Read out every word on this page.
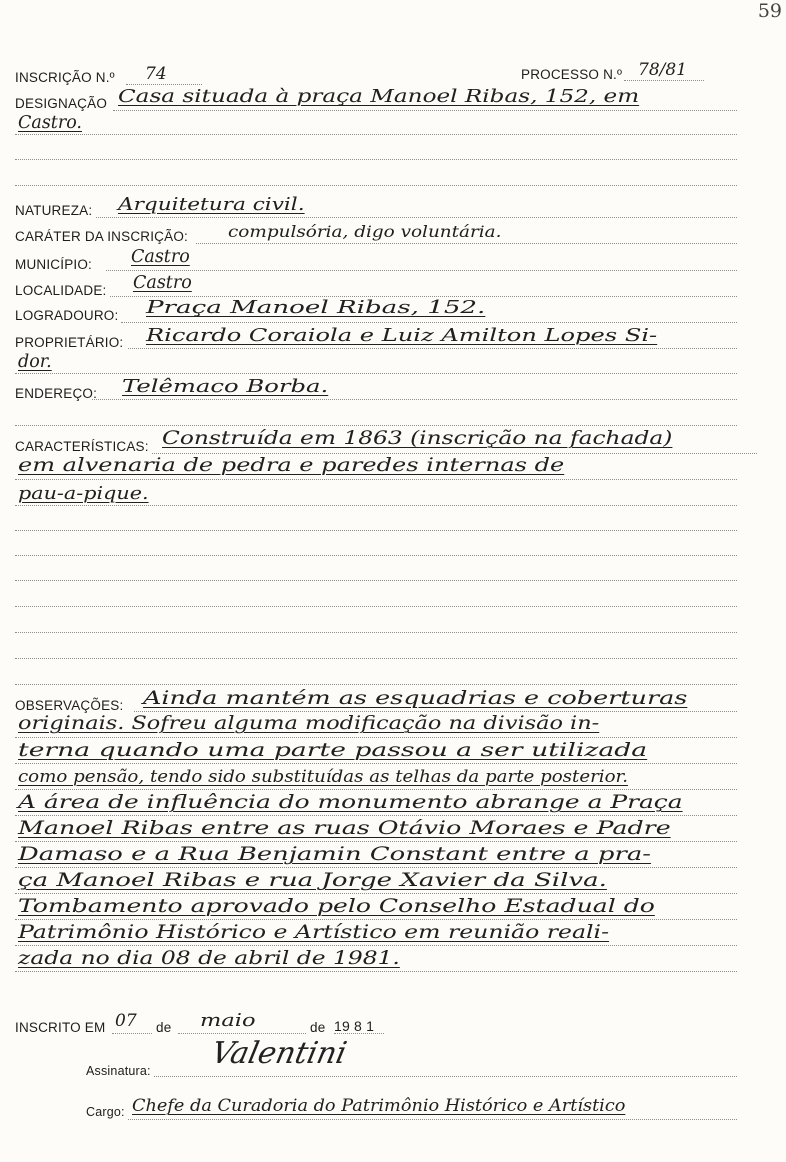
59
INSCRIÇÃO N.º 74	PROCESSO N.º 78/81
DESIGNAÇÃO Casa situada à praça Manoel Ribas, 152, em
Castro.
NATUREZA: Arquitetura civil.
CARÁTER DA INSCRIÇÃO:	compulsória, digo voluntária.
MUNICÍPIO: Castro
LOCALIDADE: Castro
LOGRADOURO: Praça Manoel Ribas, 152.
PROPRIETÁRIO: Ricardo Coraiola e Luiz Amilton Lopes Si-
dor.
ENDEREÇO: Telêmaco Borba.
CARACTERÍSTICAS: Construída em 1863 (inscrição na fachada)
em alvenaria de pedra e paredes internas de
pau-a-pique.
OBSERVAÇÕES: Ainda mantém as esquadrias e coberturas
originais. Sofreu alguma modificação na divisão in-
terna quando uma parte passou a ser utilizada
como pensão, tendo sido substituídas as telhas da parte posterior.
A área de influência do monumento abrange a Praça
Manoel Ribas entre as ruas Otávio Moraes e Padre
Damaso e a Rua Benjamin Constant entre a pra-
ça Manoel Ribas e rua Jorge Xavier da Silva.
Tombamento aprovado pelo Conselho Estadual do
Patrimônio Histórico e Artístico em reunião reali-
zada no dia 08 de abril de 1981.
INSCRITO EM 07 de maio	de 19 8 1
Assinatura: Valentini
Cargo: Chefe da Curadoria do Patrimônio Histórico e Artístico
